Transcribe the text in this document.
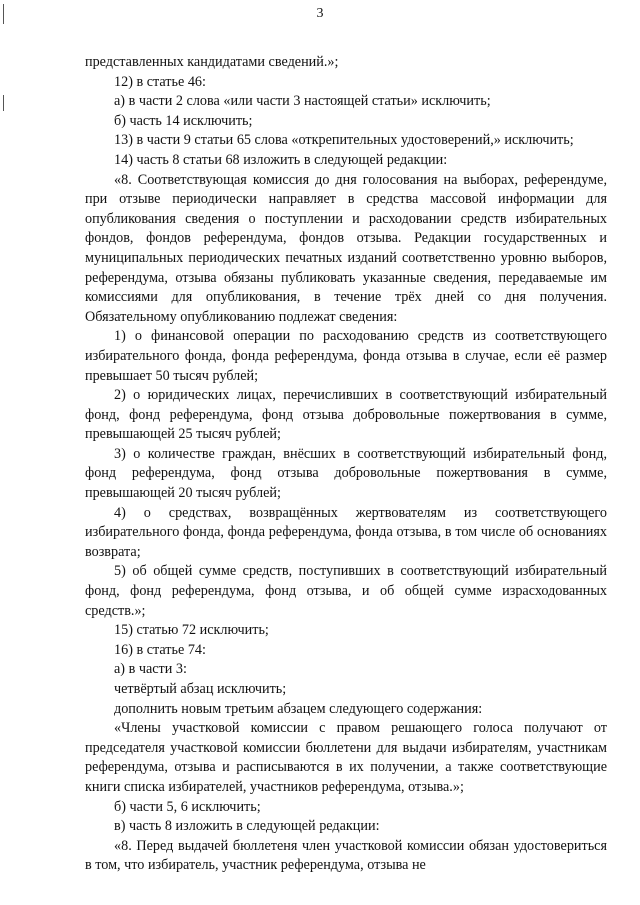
3

представленных кандидатами сведений.»;

12) в статье 46:

а) в части 2 слова «или части 3 настоящей статьи» исключить;

б) часть 14 исключить;

13) в части 9 статьи 65 слова «открепительных удостоверений,» исключить;

14) часть 8 статьи 68 изложить в следующей редакции:

«8. Соответствующая комиссия до дня голосования на выборах, референдуме, при отзыве периодически направляет в средства массовой информации для опубликования сведения о поступлении и расходовании средств избирательных фондов, фондов референдума, фондов отзыва. Редакции государственных и муниципальных периодических печатных изданий соответственно уровню выборов, референдума, отзыва обязаны публиковать указанные сведения, передаваемые им комиссиями для опубликования, в течение трёх дней со дня получения. Обязательному опубликованию подлежат сведения:

1) о финансовой операции по расходованию средств из соответствующего избирательного фонда, фонда референдума, фонда отзыва в случае, если её размер превышает 50 тысяч рублей;

2) о юридических лицах, перечисливших в соответствующий избирательный фонд, фонд референдума, фонд отзыва добровольные пожертвования в сумме, превышающей 25 тысяч рублей;

3) о количестве граждан, внёсших в соответствующий избирательный фонд, фонд референдума, фонд отзыва добровольные пожертвования в сумме, превышающей 20 тысяч рублей;

4) о средствах, возвращённых жертвователям из соответствующего избирательного фонда, фонда референдума, фонда отзыва, в том числе об основаниях возврата;

5) об общей сумме средств, поступивших в соответствующий избирательный фонд, фонд референдума, фонд отзыва, и об общей сумме израсходованных средств.»;

15) статью 72 исключить;

16) в статье 74:

а) в части 3:

четвёртый абзац исключить;

дополнить новым третьим абзацем следующего содержания:

«Члены участковой комиссии с правом решающего голоса получают от председателя участковой комиссии бюллетени для выдачи избирателям, участникам референдума, отзыва и расписываются в их получении, а также соответствующие книги списка избирателей, участников референдума, отзыва.»;

б) части 5, 6 исключить;

в) часть 8 изложить в следующей редакции:

«8. Перед выдачей бюллетеня член участковой комиссии обязан удостовериться в том, что избиратель, участник референдума, отзыва не
